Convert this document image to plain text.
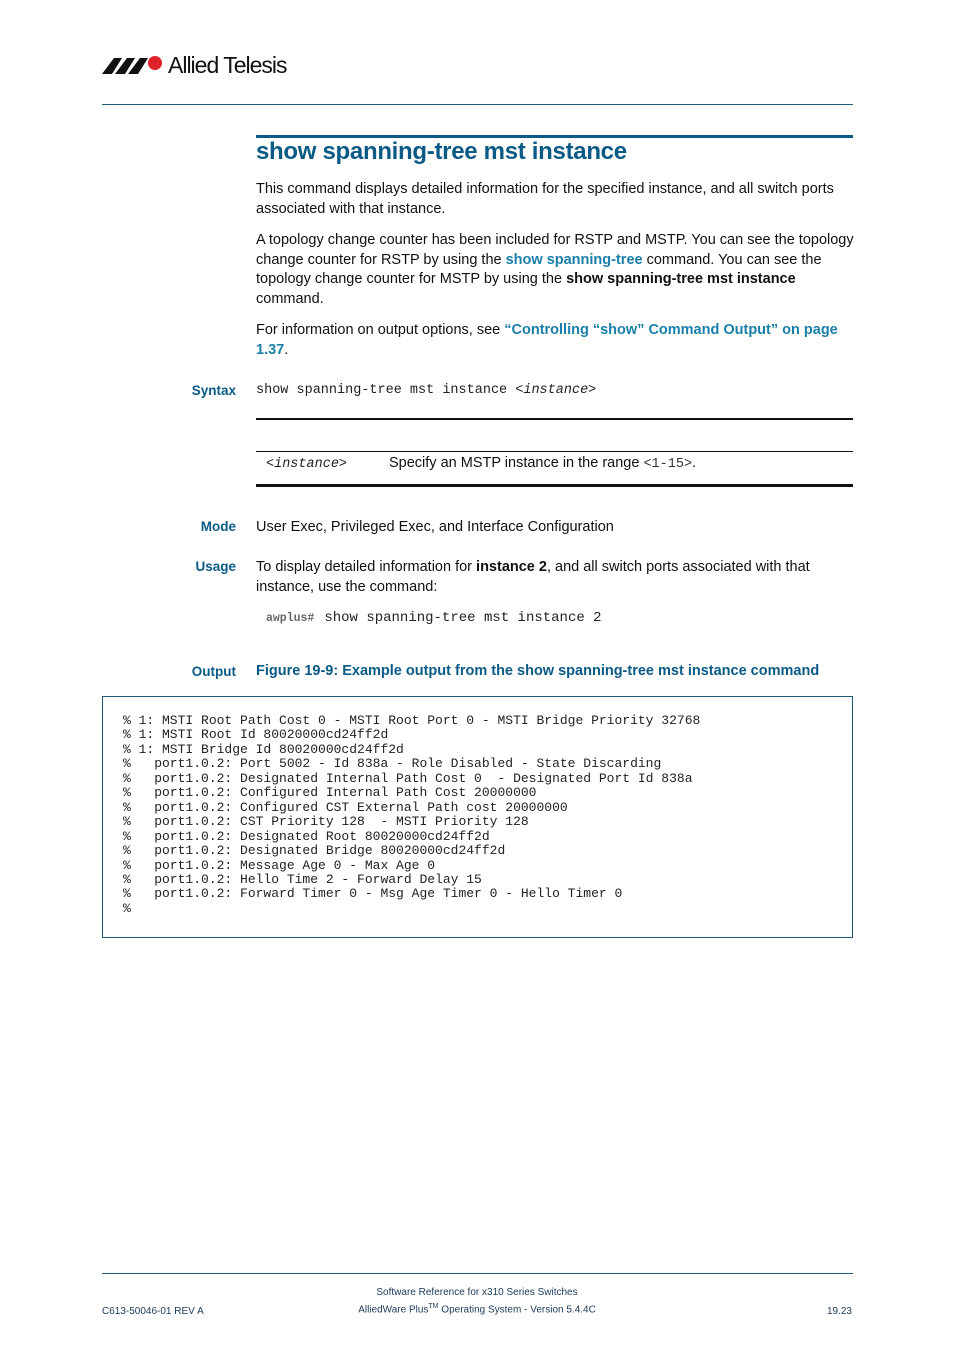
Allied Telesis
show spanning-tree mst instance

This command displays detailed information for the specified instance, and all switch ports associated with that instance.

A topology change counter has been included for RSTP and MSTP. You can see the topology change counter for RSTP by using the show spanning-tree command. You can see the topology change counter for MSTP by using the show spanning-tree mst instance command.

For information on output options, see “Controlling “show” Command Output” on page 1.37.

Syntax show spanning-tree mst instance <instance>
<instance>	Specify an MSTP instance in the range <1-15>.
Mode User Exec, Privileged Exec, and Interface Configuration

Usage To display detailed information for instance 2, and all switch ports associated with that instance, use the command:

awplus# show spanning-tree mst instance 2
Output Figure 19-9: Example output from the show spanning-tree mst instance command
% 1: MSTI Root Path Cost 0 - MSTI Root Port 0 - MSTI Bridge Priority 32768
% 1: MSTI Root Id 80020000cd24ff2d
% 1: MSTI Bridge Id 80020000cd24ff2d
%   port1.0.2: Port 5002 - Id 838a - Role Disabled - State Discarding
%   port1.0.2: Designated Internal Path Cost 0  - Designated Port Id 838a
%   port1.0.2: Configured Internal Path Cost 20000000
%   port1.0.2: Configured CST External Path cost 20000000
%   port1.0.2: CST Priority 128  - MSTI Priority 128
%   port1.0.2: Designated Root 80020000cd24ff2d
%   port1.0.2: Designated Bridge 80020000cd24ff2d
%   port1.0.2: Message Age 0 - Max Age 0
%   port1.0.2: Hello Time 2 - Forward Delay 15
%   port1.0.2: Forward Timer 0 - Msg Age Timer 0 - Hello Timer 0
%
Software Reference for x310 Series Switches
C613-50046-01 REV A	AlliedWare Plus™ Operating System - Version 5.4.4C	19.23
